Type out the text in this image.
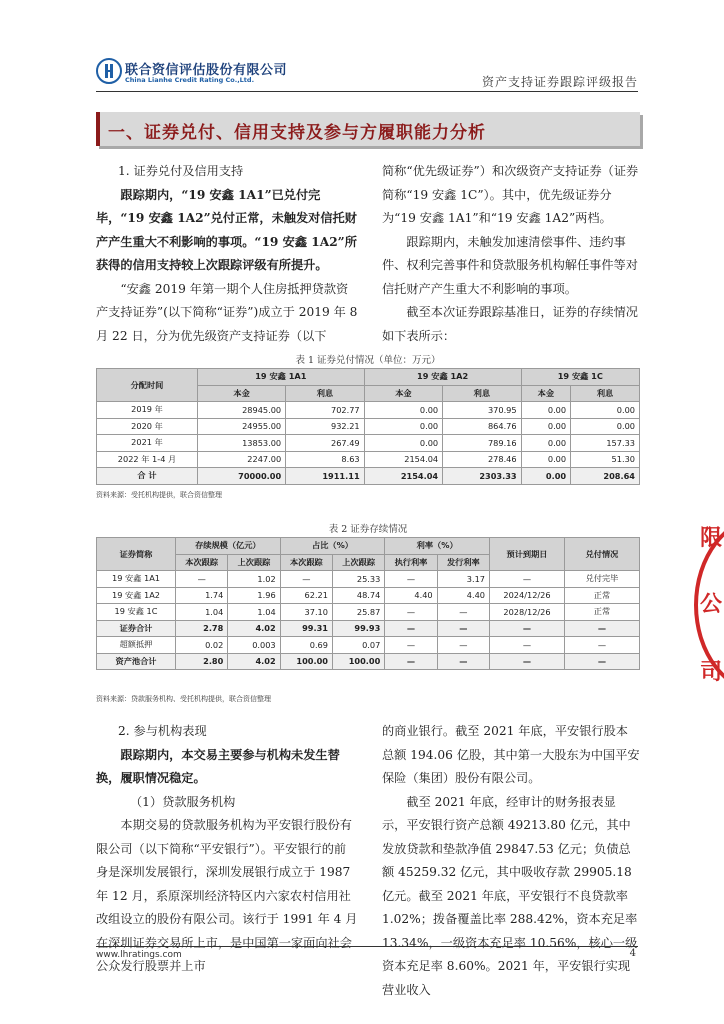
联合资信评估股份有限公司
China Lianhe Credit Rating Co.,Ltd.	资产支持证券跟踪评级报告
一、证券兑付、信用支持及参与方履职能力分析

1. 证券兑付及信用支持

跟踪期内，“19 安鑫 1A1”已兑付完毕，“19 安鑫 1A2”兑付正常，未触发对信托财产产生重大不利影响的事项。“19 安鑫 1A2”所获得的信用支持较上次跟踪评级有所提升。

“安鑫 2019 年第一期个人住房抵押贷款资产支持证券”(以下简称“证券”)成立于 2019 年 8 月 22 日，分为优先级资产支持证券（以下

简称“优先级证券”）和次级资产支持证券（证券简称“19 安鑫 1C”）。其中，优先级证券分为“19 安鑫 1A1”和“19 安鑫 1A2”两档。

跟踪期内，未触发加速清偿事件、违约事件、权利完善事件和贷款服务机构解任事件等对信托财产产生重大不利影响的事项。

截至本次证券跟踪基准日，证券的存续情况如下表所示：

表 1 证券兑付情况（单位：万元）
分配时间	19 安鑫 1A1		19 安鑫 1A2		19 安鑫 1C	
	本金	利息	本金	利息	本金	利息
2019 年	28945.00	702.77	0.00	370.95	0.00	0.00
2020 年	24955.00	932.21	0.00	864.76	0.00	0.00
2021 年	13853.00	267.49	0.00	789.16	0.00	157.33
2022 年 1-4 月	2247.00	8.63	2154.04	278.46	0.00	51.30
合 计	70000.00	1911.11	2154.04	2303.33	0.00	208.64
资料来源：受托机构提供，联合资信整理
表 2 证券存续情况
证券简称	存续规模（亿元）		占比（%）		利率（%）		预计到期日	兑付情况
	本次跟踪	上次跟踪	本次跟踪	上次跟踪	执行利率	发行利率		
19 安鑫 1A1	—	1.02	—	25.33	—	3.17	—	兑付完毕
19 安鑫 1A2	1.74	1.96	62.21	48.74	4.40	4.40	2024/12/26	正常
19 安鑫 1C	1.04	1.04	37.10	25.87	—	—	2028/12/26	正常
证券合计	2.78	4.02	99.31	99.93	—	—	—	—
超额抵押	0.02	0.003	0.69	0.07	—	—	—	—
资产池合计	2.80	4.02	100.00	100.00	—	—	—	—
资料来源：贷款服务机构、受托机构提供，联合资信整理

2. 参与机构表现

跟踪期内，本交易主要参与机构未发生替换，履职情况稳定。

（1）贷款服务机构

本期交易的贷款服务机构为平安银行股份有限公司（以下简称“平安银行”）。平安银行的前身是深圳发展银行，深圳发展银行成立于 1987 年 12 月，系原深圳经济特区内六家农村信用社改组设立的股份有限公司。该行于 1991 年 4 月在深圳证券交易所上市，是中国第一家面向社会公众发行股票并上市

的商业银行。截至 2021 年底，平安银行股本总额 194.06 亿股，其中第一大股东为中国平安保险（集团）股份有限公司。

截至 2021 年底，经审计的财务报表显示，平安银行资产总额 49213.80 亿元，其中发放贷款和垫款净值 29847.53 亿元；负债总额 45259.32 亿元，其中吸收存款 29905.18 亿元。截至 2021 年底，平安银行不良贷款率 1.02%；拨备覆盖比率 288.42%，资本充足率 13.34%，一级资本充足率 10.56%，核心一级资本充足率 8.60%。2021 年，平安银行实现营业收入

www.lhratings.com	4
限
公
司
